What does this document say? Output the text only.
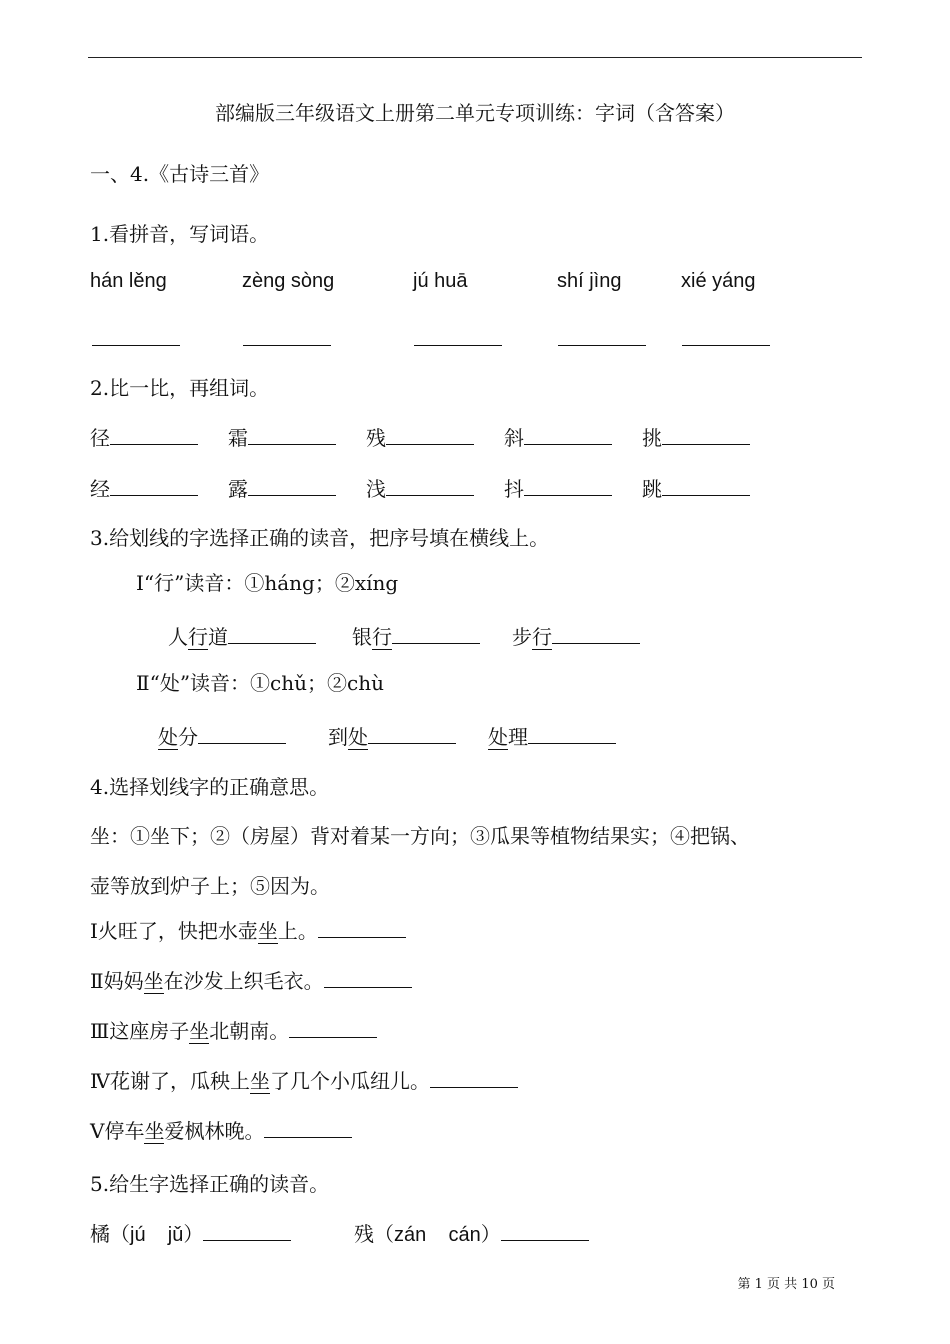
部编版三年级语文上册第二单元专项训练：字词（含答案）
一、4.《古诗三首》
1.看拼音，写词语。
hán lěng	zèng sòng	jú huā	shí jìng	xié yáng
2.比一比，再组词。
径	霜	残	斜	挑
经	露	浅	抖	跳
3.给划线的字选择正确的读音，把序号填在横线上。
Ⅰ“行”读音：①háng；②xíng
人行道	银行	步行
Ⅱ“处”读音：①chǔ；②chù
处分	到处	处理
4.选择划线字的正确意思。
坐：①坐下；②（房屋）背对着某一方向；③瓜果等植物结果实；④把锅、
壶等放到炉子上；⑤因为。
Ⅰ火旺了，快把水壶坐上。
Ⅱ妈妈坐在沙发上织毛衣。
Ⅲ这座房子坐北朝南。
Ⅳ花谢了，瓜秧上坐了几个小瓜纽儿。
Ⅴ停车坐爱枫林晚。
5.给生字选择正确的读音。
橘（jú    jǔ）	残（zán    cán）
第 1 页 共 10 页
